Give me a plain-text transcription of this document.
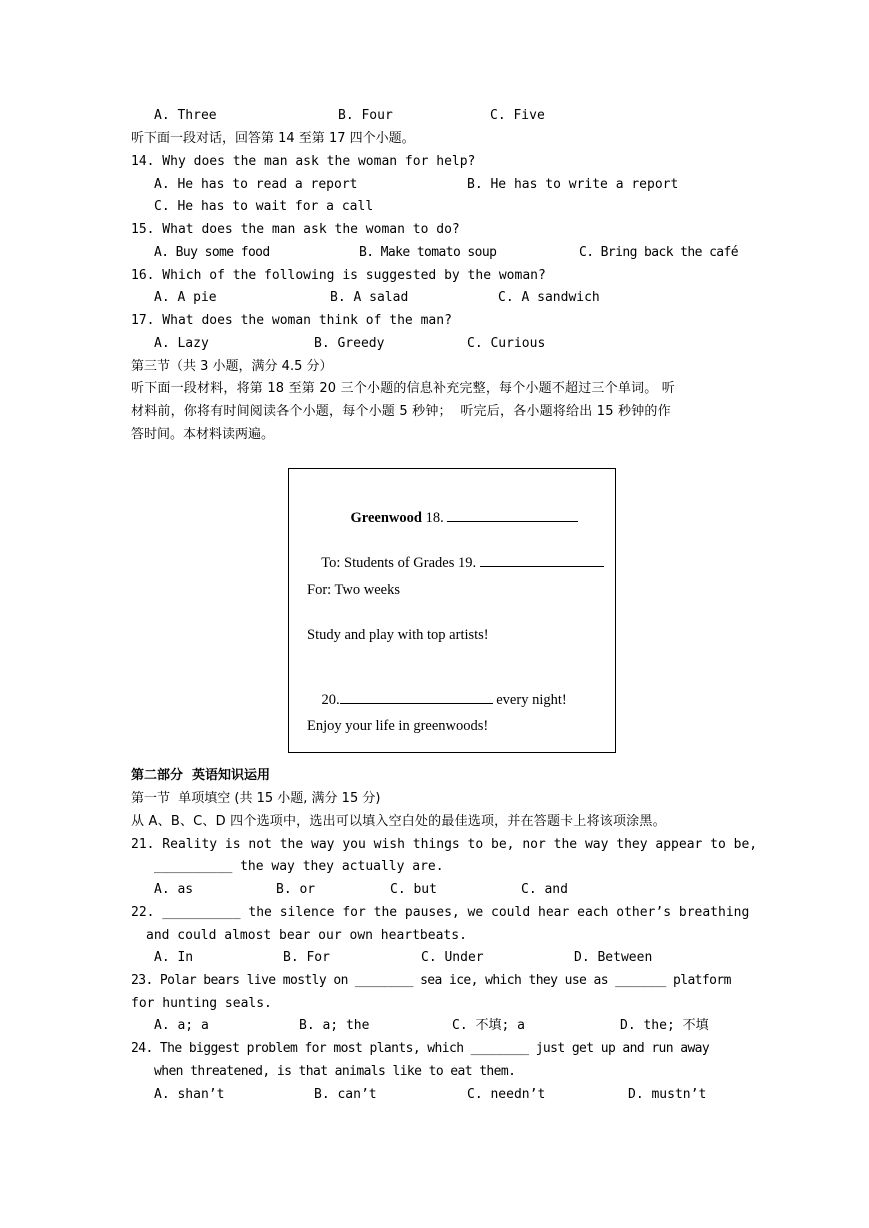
A. Three	B. Four	C. Five
听下面一段对话，回答第 14 至第 17 四个小题。
14. Why does the man ask the woman for help?
A. He has to read a report	B. He has to write a report
C. He has to wait for a call
15. What does the man ask the woman to do?
A. Buy some food	B. Make tomato soup	C. Bring back the café
16. Which of the following is suggested by the woman?
A. A pie	B. A salad	C. A sandwich
17. What does the woman think of the man?
A. Lazy	B. Greedy	C. Curious
第三节（共 3 小题，满分 4.5 分）
听下面一段材料，将第 18 至第 20 三个小题的信息补充完整，每个小题不超过三个单词。 听
材料前，你将有时间阅读各个小题，每个小题 5 秒钟；  听完后，各小题将给出 15 秒钟的作
答时间。本材料读两遍。

Greenwood 18.

To: Students of Grades 19.

For: Two weeks
Study and play with top artists!

20.	every night!

Enjoy your life in greenwoods!
第二部分  英语知识运用
第一节  单项填空 (共 15 小题, 满分 15 分)
从 A、B、C、D 四个选项中，选出可以填入空白处的最佳选项，并在答题卡上将该项涂黑。
21. Reality is not the way you wish things to be, nor the way they appear to be,
__________ the way they actually are.
A. as	B. or	C. but	C. and
22. __________ the silence for the pauses, we could hear each other’s breathing
and could almost bear our own heartbeats.
A. In	B. For	C. Under	D. Between
23. Polar bears live mostly on ________ sea ice, which they use as _______ platform
for hunting seals.
A. a; a	B. a; the	C. 不填; a	D. the; 不填
24. The biggest problem for most plants, which ________ just get up and run away
when threatened, is that animals like to eat them.
A. shan’t	B. can’t	C. needn’t	D. mustn’t
